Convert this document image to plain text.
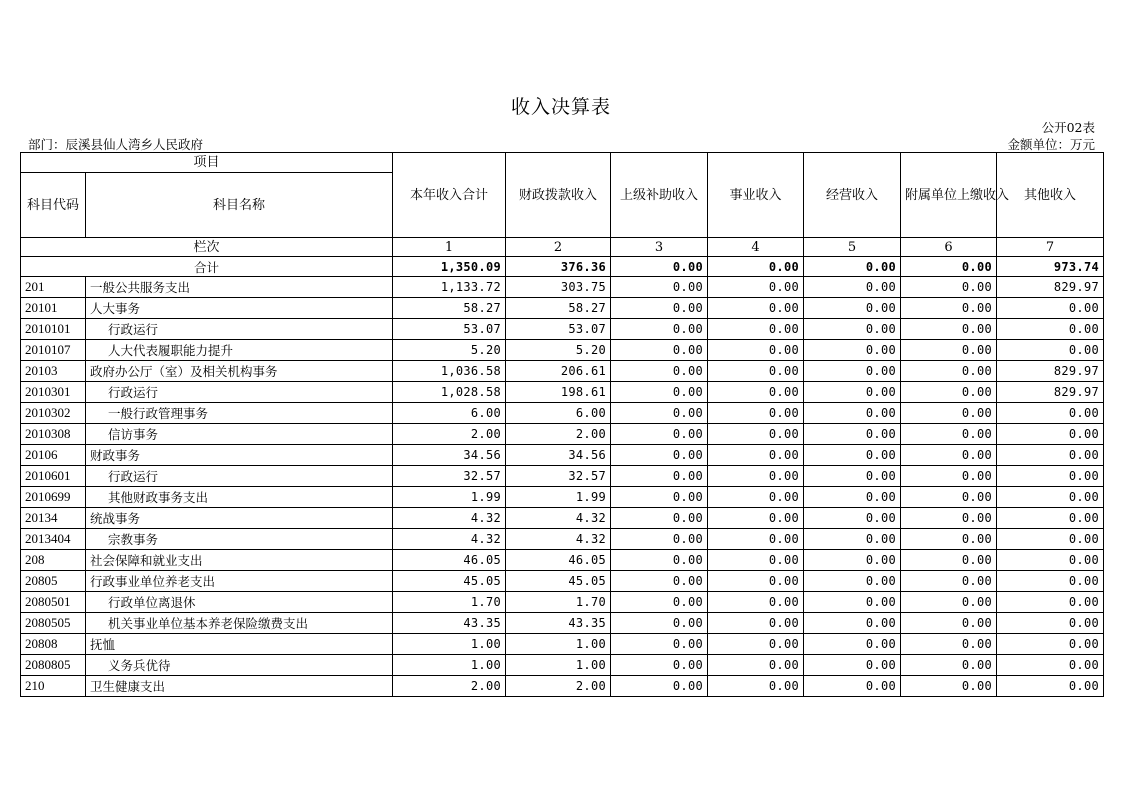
收入决算表
公开02表
部门：辰溪县仙人湾乡人民政府	金额单位：万元
项目		本年收入合计	财政拨款收入	上级补助收入	事业收入	经营收入	附属单位上缴收入	其他收入
科目代码	科目名称							
栏次		1	2	3	4	5	6	7
合计		1,350.09	376.36	0.00	0.00	0.00	0.00	973.74
201	一般公共服务支出	1,133.72	303.75	0.00	0.00	0.00	0.00	829.97
20101	人大事务	58.27	58.27	0.00	0.00	0.00	0.00	0.00
2010101	行政运行	53.07	53.07	0.00	0.00	0.00	0.00	0.00
2010107	人大代表履职能力提升	5.20	5.20	0.00	0.00	0.00	0.00	0.00
20103	政府办公厅（室）及相关机构事务	1,036.58	206.61	0.00	0.00	0.00	0.00	829.97
2010301	行政运行	1,028.58	198.61	0.00	0.00	0.00	0.00	829.97
2010302	一般行政管理事务	6.00	6.00	0.00	0.00	0.00	0.00	0.00
2010308	信访事务	2.00	2.00	0.00	0.00	0.00	0.00	0.00
20106	财政事务	34.56	34.56	0.00	0.00	0.00	0.00	0.00
2010601	行政运行	32.57	32.57	0.00	0.00	0.00	0.00	0.00
2010699	其他财政事务支出	1.99	1.99	0.00	0.00	0.00	0.00	0.00
20134	统战事务	4.32	4.32	0.00	0.00	0.00	0.00	0.00
2013404	宗教事务	4.32	4.32	0.00	0.00	0.00	0.00	0.00
208	社会保障和就业支出	46.05	46.05	0.00	0.00	0.00	0.00	0.00
20805	行政事业单位养老支出	45.05	45.05	0.00	0.00	0.00	0.00	0.00
2080501	行政单位离退休	1.70	1.70	0.00	0.00	0.00	0.00	0.00
2080505	机关事业单位基本养老保险缴费支出	43.35	43.35	0.00	0.00	0.00	0.00	0.00
20808	抚恤	1.00	1.00	0.00	0.00	0.00	0.00	0.00
2080805	义务兵优待	1.00	1.00	0.00	0.00	0.00	0.00	0.00
210	卫生健康支出	2.00	2.00	0.00	0.00	0.00	0.00	0.00
